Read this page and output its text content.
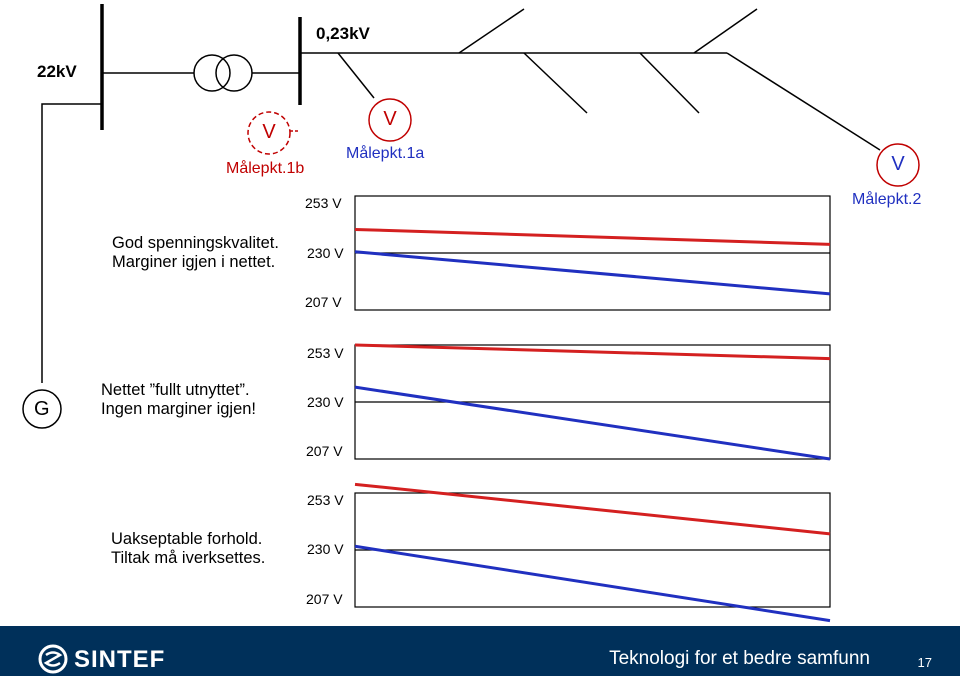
22kV
0,23kV
G
V
Målepkt.1b
V
Målepkt.1a	V
Målepkt.2
God spenningskvalitet.
Marginer igjen i nettet.
253 V
230 V
207 V
Nettet ”fullt utnyttet”.
Ingen marginer igjen!
253 V
230 V
207 V
Uakseptable forhold.
Tiltak må iverksettes.
253 V
230 V
207 V
SINTEF	Teknologi for et bedre samfunn	17
